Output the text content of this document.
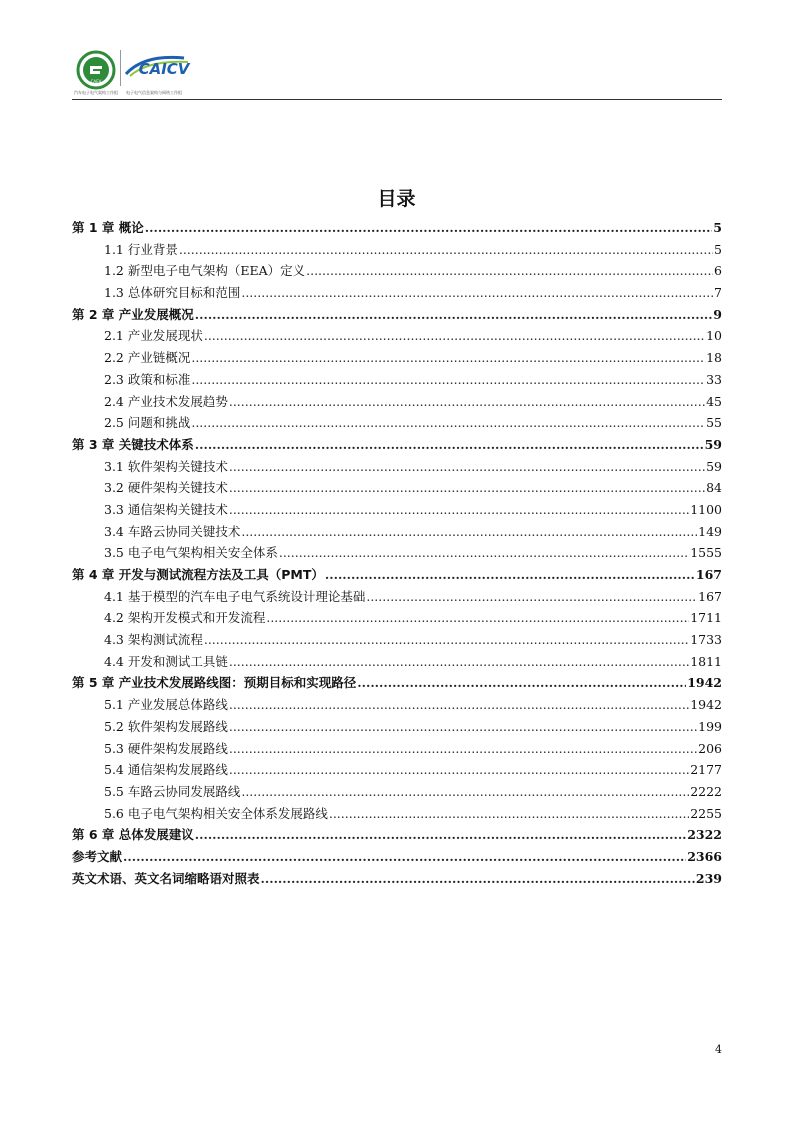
CAEV
CAICV
汽车电子电气架构工作组 电子电气信息架构与网络工作组
目录
第 1 章 概论 .....	5
1.1 行业背景 .....	5
1.2 新型电子电气架构（EEA）定义 .....	6
1.3 总体研究目标和范围 .....	7
第 2 章 产业发展概况 .....	9
2.1 产业发展现状 .....	10
2.2 产业链概况 .....	18
2.3 政策和标准 .....	33
2.4 产业技术发展趋势 .....	45
2.5 问题和挑战 .....	55
第 3 章 关键技术体系 .....	59
3.1 软件架构关键技术 .....	59
3.2 硬件架构关键技术 .....	84
3.3 通信架构关键技术 .....	1100
3.4 车路云协同关键技术 .....	149
3.5 电子电气架构相关安全体系 .....	1555
第 4 章 开发与测试流程方法及工具（PMT） .....	167
4.1 基于模型的汽车电子电气系统设计理论基础 .....	167
4.2 架构开发模式和开发流程 .....	1711
4.3 架构测试流程 .....	1733
4.4 开发和测试工具链 .....	1811
第 5 章 产业技术发展路线图：预期目标和实现路径 .....	1942
5.1 产业发展总体路线 .....	1942
5.2 软件架构发展路线 .....	199
5.3 硬件架构发展路线 .....	206
5.4 通信架构发展路线 .....	2177
5.5 车路云协同发展路线 .....	2222
5.6 电子电气架构相关安全体系发展路线 .....	2255
第 6 章 总体发展建议 .....	2322
参考文献 .....	2366
英文术语、英文名词缩略语对照表 .....	239
4
